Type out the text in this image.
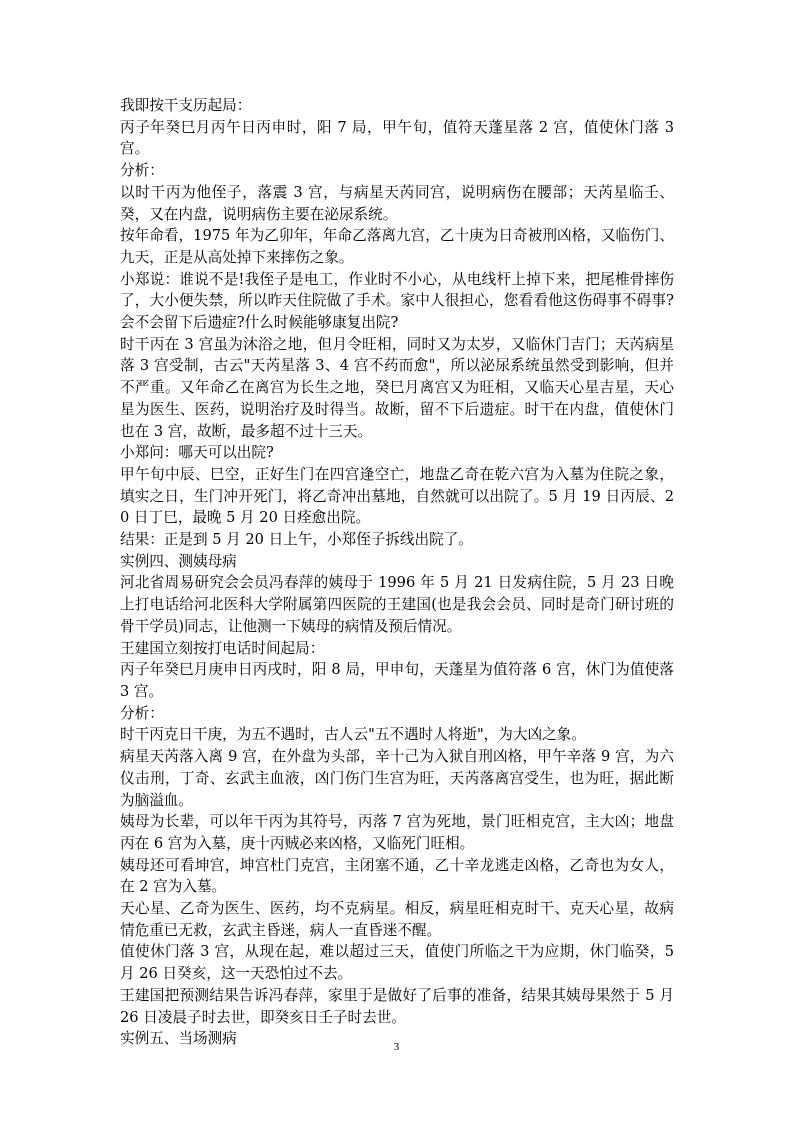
我即按干支历起局：

丙子年癸巳月丙午日丙申时，阳 7 局，甲午旬，值符天蓬星落 2 宫，值使休门落 3 宫。

分析：

以时干丙为他侄子，落震 3 宫，与病星天芮同宫，说明病伤在腰部；天芮星临壬、癸，又在内盘，说明病伤主要在泌尿系统。

按年命看，1975 年为乙卯年，年命乙落离九宫，乙十庚为日奇被刑凶格，又临伤门、九天，正是从高处掉下来摔伤之象。

小郑说：谁说不是!我侄子是电工，作业时不小心，从电线杆上掉下来，把尾椎骨摔伤了，大小便失禁，所以昨天住院做了手术。家中人很担心，您看看他这伤碍事不碍事?会不会留下后遗症?什么时候能够康复出院?

时干丙在 3 宫虽为沐浴之地，但月令旺相，同时又为太岁，又临休门吉门；天芮病星落 3 宫受制，古云"天芮星落 3、4 宫不药而愈"，所以泌尿系统虽然受到影响，但并不严重。又年命乙在离宫为长生之地，癸巳月离宫又为旺相，又临天心星吉星，天心星为医生、医药，说明治疗及时得当。故断，留不下后遗症。时干在内盘，值使休门也在 3 宫，故断，最多超不过十三天。

小郑问：哪天可以出院?

甲午旬中辰、巳空，正好生门在四宫逢空亡，地盘乙奇在乾六宫为入墓为住院之象，填实之日，生门冲开死门，将乙奇冲出墓地，自然就可以出院了。5 月 19 日丙辰、20 日丁巳，最晚 5 月 20 日痊愈出院。

结果：正是到 5 月 20 日上午，小郑侄子拆线出院了。

实例四、测姨母病

河北省周易研究会会员冯春萍的姨母于 1996 年 5 月 21 日发病住院，5 月 23 日晚上打电话给河北医科大学附属第四医院的王建国(也是我会会员、同时是奇门研讨班的骨干学员)同志，让他测一下姨母的病情及预后情况。

王建国立刻按打电话时间起局：

丙子年癸巳月庚申日丙戌时，阳 8 局，甲申旬，天蓬星为值符落 6 宫，休门为值使落 3 宫。

分析：

时干丙克日干庚，为五不遇时，古人云"五不遇时人将逝"，为大凶之象。

病星天芮落入离 9 宫，在外盘为头部，辛十己为入狱自刑凶格，甲午辛落 9 宫，为六仪击刑，丁奇、玄武主血液，凶门伤门生宫为旺，天芮落离宫受生，也为旺，据此断为脑溢血。

姨母为长辈，可以年干丙为其符号，丙落 7 宫为死地，景门旺相克宫，主大凶；地盘丙在 6 宫为入墓，庚十丙贼必来凶格，又临死门旺相。

姨母还可看坤宫，坤宫杜门克宫，主闭塞不通，乙十辛龙逃走凶格，乙奇也为女人，在 2 宫为入墓。

天心星、乙奇为医生、医药，均不克病星。相反，病星旺相克时干、克天心星，故病情危重已无救，玄武主昏迷，病人一直昏迷不醒。

值使休门落 3 宫，从现在起，难以超过三天，值使门所临之干为应期，休门临癸，5 月 26 日癸亥，这一天恐怕过不去。

王建国把预测结果告诉冯春萍，家里于是做好了后事的准备，结果其姨母果然于 5 月 26 日凌晨子时去世，即癸亥日壬子时去世。

实例五、当场测病	3
